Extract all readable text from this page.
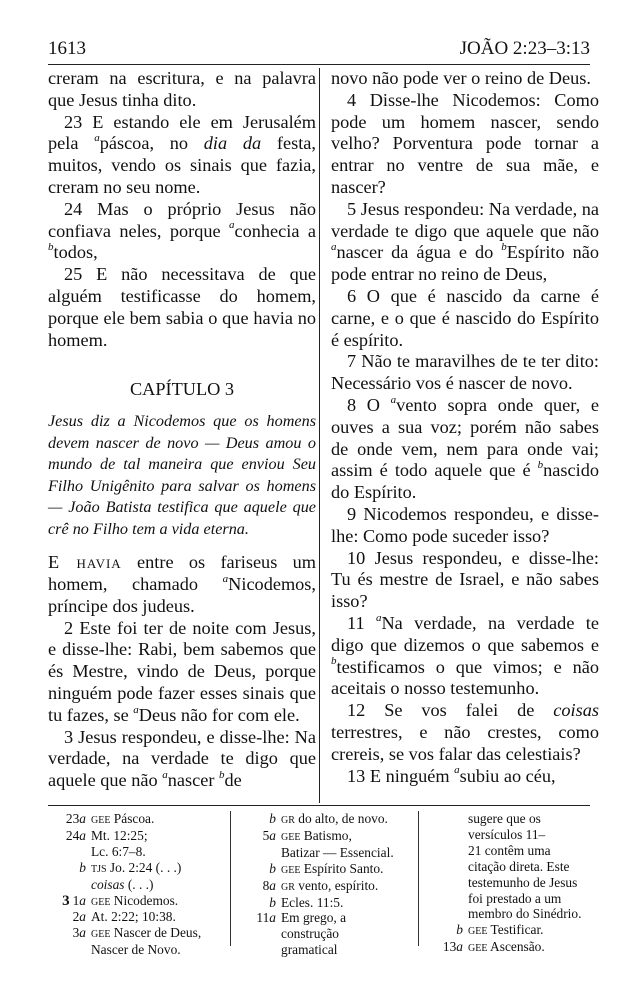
1613	JOÃO 2:23–3:13

creram na escritura, e na palavra que Jesus tinha dito.

23 E estando ele em Jerusalém pela $^a$páscoa, no dia da festa, muitos, vendo os sinais que fazia, creram no seu nome.

24 Mas o próprio Jesus não confiava neles, porque $^a$conhecia a $^b$todos,

25 E não necessitava de que alguém testificasse do homem, porque ele bem sabia o que havia no homem.

CAPÍTULO 3

Jesus diz a Nicodemos que os homens devem nascer de novo — Deus amou o mundo de tal maneira que enviou Seu Filho Unigênito para salvar os homens — João Batista testifica que aquele que crê no Filho tem a vida eterna.

E havia entre os fariseus um homem, chamado $^a$Nicodemos, príncipe dos judeus.

2 Este foi ter de noite com Jesus, e disse-lhe: Rabi, bem sabemos que és Mestre, vindo de Deus, porque ninguém pode fazer esses sinais que tu fazes, se $^a$Deus não for com ele.

3 Jesus respondeu, e disse-lhe: Na verdade, na verdade te digo que aquele que não $^a$nascer $^b$de

novo não pode ver o reino de Deus.

4 Disse-lhe Nicodemos: Como pode um homem nascer, sendo velho? Porventura pode tornar a entrar no ventre de sua mãe, e nascer?

5 Jesus respondeu: Na verdade, na verdade te digo que aquele que não $^a$nascer da água e do $^b$Espírito não pode entrar no reino de Deus,

6 O que é nascido da carne é carne, e o que é nascido do Espírito é espírito.

7 Não te maravilhes de te ter dito: Necessário vos é nascer de novo.

8 O $^a$vento sopra onde quer, e ouves a sua voz; porém não sabes de onde vem, nem para onde vai; assim é todo aquele que é $^b$nascido do Espírito.

9 Nicodemos respondeu, e disse-lhe: Como pode suceder isso?

10 Jesus respondeu, e disse-lhe: Tu és mestre de Israel, e não sabes isso?

11 $^a$Na verdade, na verdade te digo que dizemos o que sabemos e $^b$testificamos o que vimos; e não aceitais o nosso testemunho.

12 Se vos falei de coisas terrestres, e não crestes, como crereis, se vos falar das celestiais?

13 E ninguém $^a$subiu ao céu,

23a gee Páscoa.
24a Mt. 12:25;
Lc. 6:7–8.
b tjs Jo. 2:24 (. . .)
coisas (. . .)
3 1a gee Nicodemos.
2a At. 2:22; 10:38.
3a gee Nascer de Deus,
Nascer de Novo.
b gr do alto, de novo.
5a gee Batismo,
Batizar — Essencial.
b gee Espírito Santo.
8a gr vento, espírito.
b Ecles. 11:5.
11a Em grego, a
construção
gramatical
sugere que os
versículos 11–
21 contêm uma
citação direta. Este
testemunho de Jesus
foi prestado a um
membro do Sinédrio.
b gee Testificar.
13a gee Ascensão.
